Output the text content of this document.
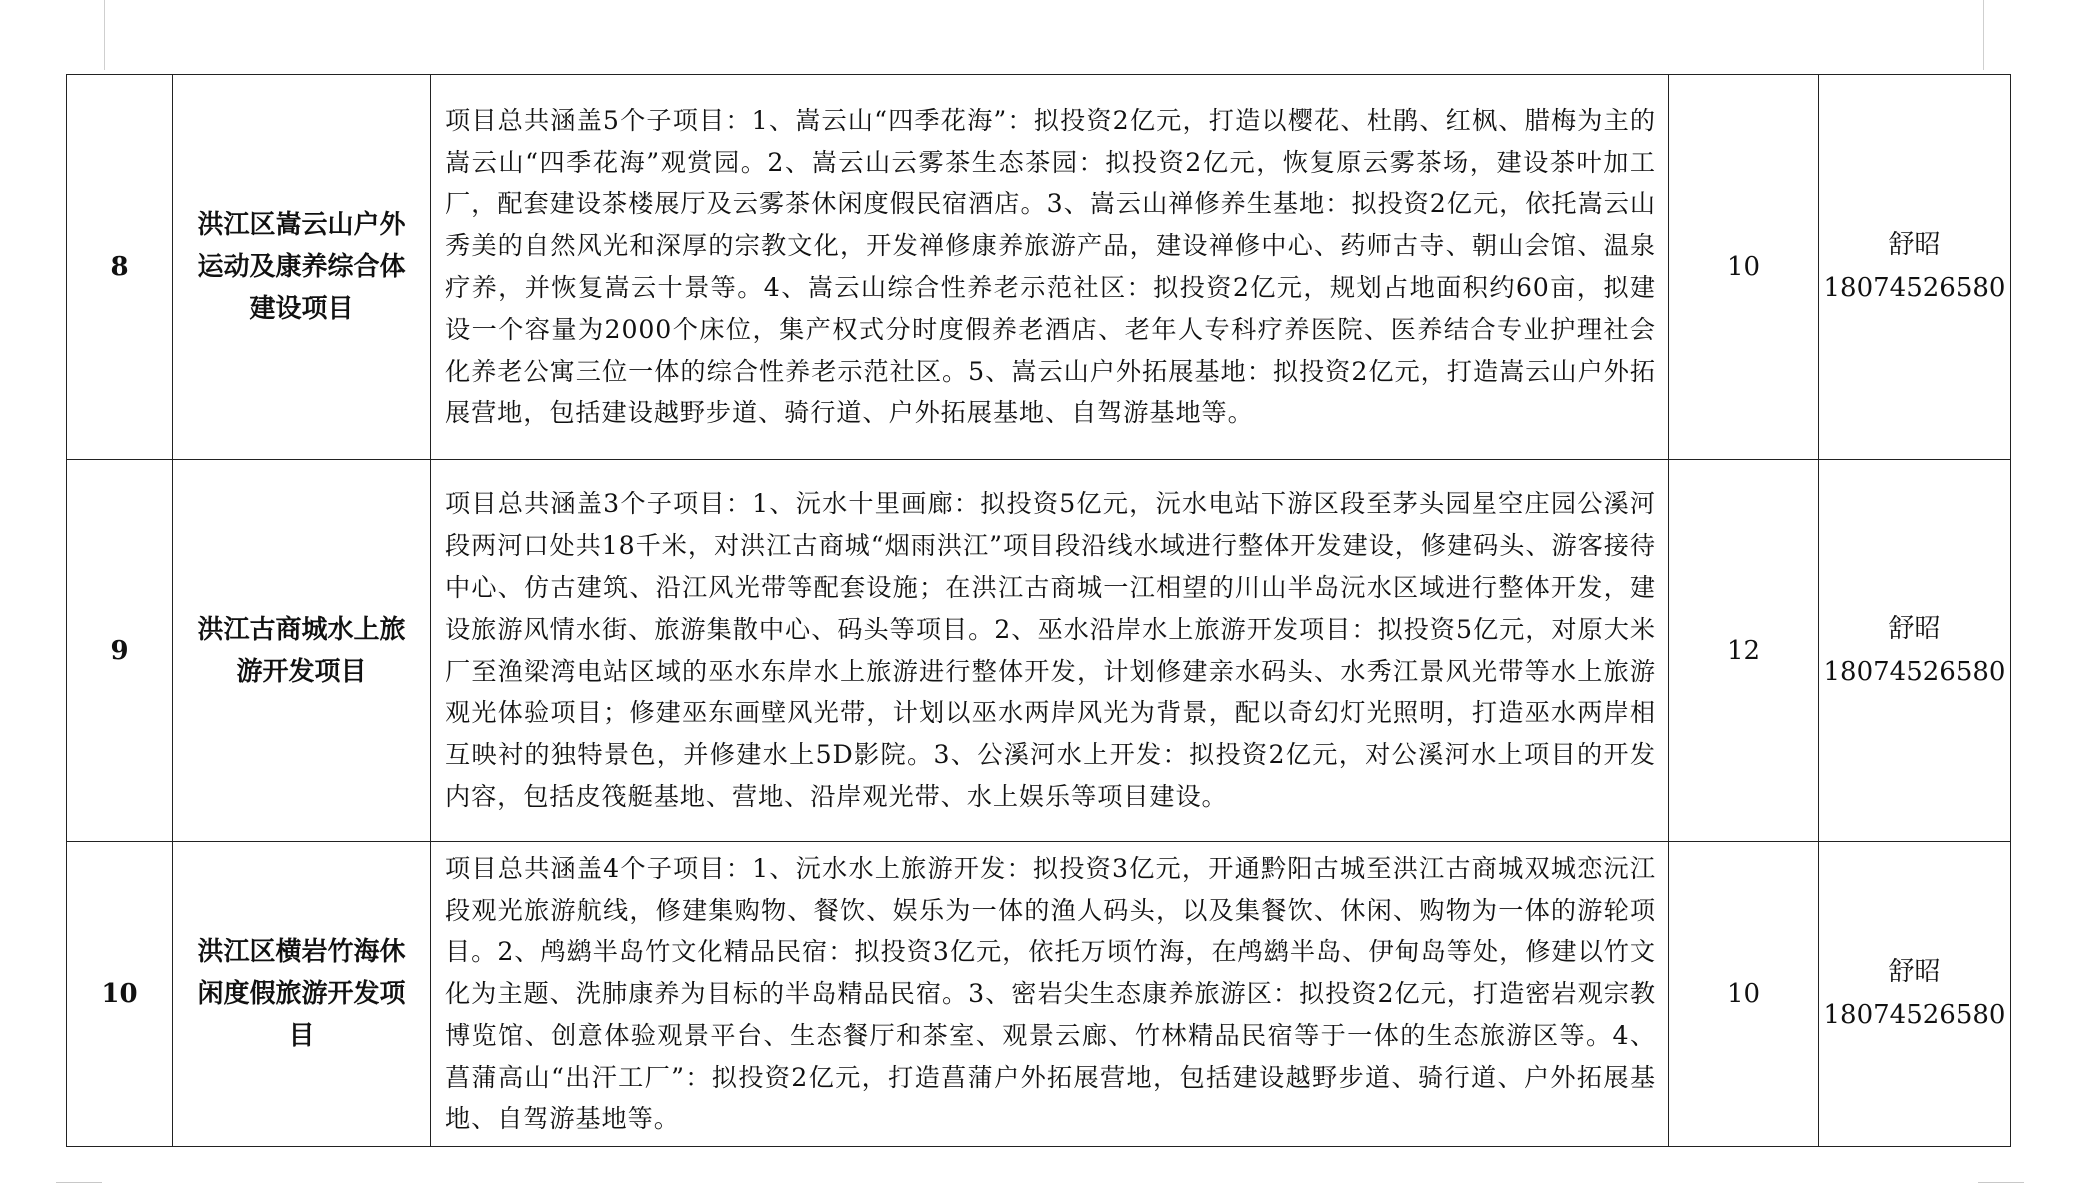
8	洪江区嵩云山户外运动及康养综合体建设项目	项目总共涵盖5个子项目：1、嵩云山“四季花海”：拟投资2亿元，打造以樱花、杜鹃、红枫、腊梅为主的嵩云山“四季花海”观赏园。2、嵩云山云雾茶生态茶园：拟投资2亿元，恢复原云雾茶场，建设茶叶加工厂，配套建设茶楼展厅及云雾茶休闲度假民宿酒店。3、嵩云山禅修养生基地：拟投资2亿元，依托嵩云山秀美的自然风光和深厚的宗教文化，开发禅修康养旅游产品，建设禅修中心、药师古寺、朝山会馆、温泉疗养，并恢复嵩云十景等。4、嵩云山综合性养老示范社区：拟投资2亿元，规划占地面积约60亩，拟建设一个容量为2000个床位，集产权式分时度假养老酒店、老年人专科疗养医院、医养结合专业护理社会化养老公寓三位一体的综合性养老示范社区。5、嵩云山户外拓展基地：拟投资2亿元，打造嵩云山户外拓展营地，包括建设越野步道、骑行道、户外拓展基地、自驾游基地等。	10	舒昭
18074526580

9	洪江古商城水上旅游开发项目	项目总共涵盖3个子项目：1、沅水十里画廊：拟投资5亿元，沅水电站下游区段至茅头园星空庄园公溪河段两河口处共18千米，对洪江古商城“烟雨洪江”项目段沿线水域进行整体开发建设，修建码头、游客接待中心、仿古建筑、沿江风光带等配套设施；在洪江古商城一江相望的川山半岛沅水区域进行整体开发，建设旅游风情水街、旅游集散中心、码头等项目。2、巫水沿岸水上旅游开发项目：拟投资5亿元，对原大米厂至渔梁湾电站区域的巫水东岸水上旅游进行整体开发，计划修建亲水码头、水秀江景风光带等水上旅游观光体验项目；修建巫东画壁风光带，计划以巫水两岸风光为背景，配以奇幻灯光照明，打造巫水两岸相互映衬的独特景色，并修建水上5D影院。3、公溪河水上开发：拟投资2亿元，对公溪河水上项目的开发内容，包括皮筏艇基地、营地、沿岸观光带、水上娱乐等项目建设。	12	舒昭
18074526580

10	洪江区横岩竹海休闲度假旅游开发项目	项目总共涵盖4个子项目：1、沅水水上旅游开发：拟投资3亿元，开通黔阳古城至洪江古商城双城恋沅江段观光旅游航线，修建集购物、餐饮、娱乐为一体的渔人码头，以及集餐饮、休闲、购物为一体的游轮项目。2、鸬鹚半岛竹文化精品民宿：拟投资3亿元，依托万顷竹海，在鸬鹚半岛、伊甸岛等处，修建以竹文化为主题、洗肺康养为目标的半岛精品民宿。3、密岩尖生态康养旅游区：拟投资2亿元，打造密岩观宗教博览馆、创意体验观景平台、生态餐厅和茶室、观景云廊、竹林精品民宿等于一体的生态旅游区等。4、菖蒲高山“出汗工厂”：拟投资2亿元，打造菖蒲户外拓展营地，包括建设越野步道、骑行道、户外拓展基地、自驾游基地等。	10	舒昭
18074526580
